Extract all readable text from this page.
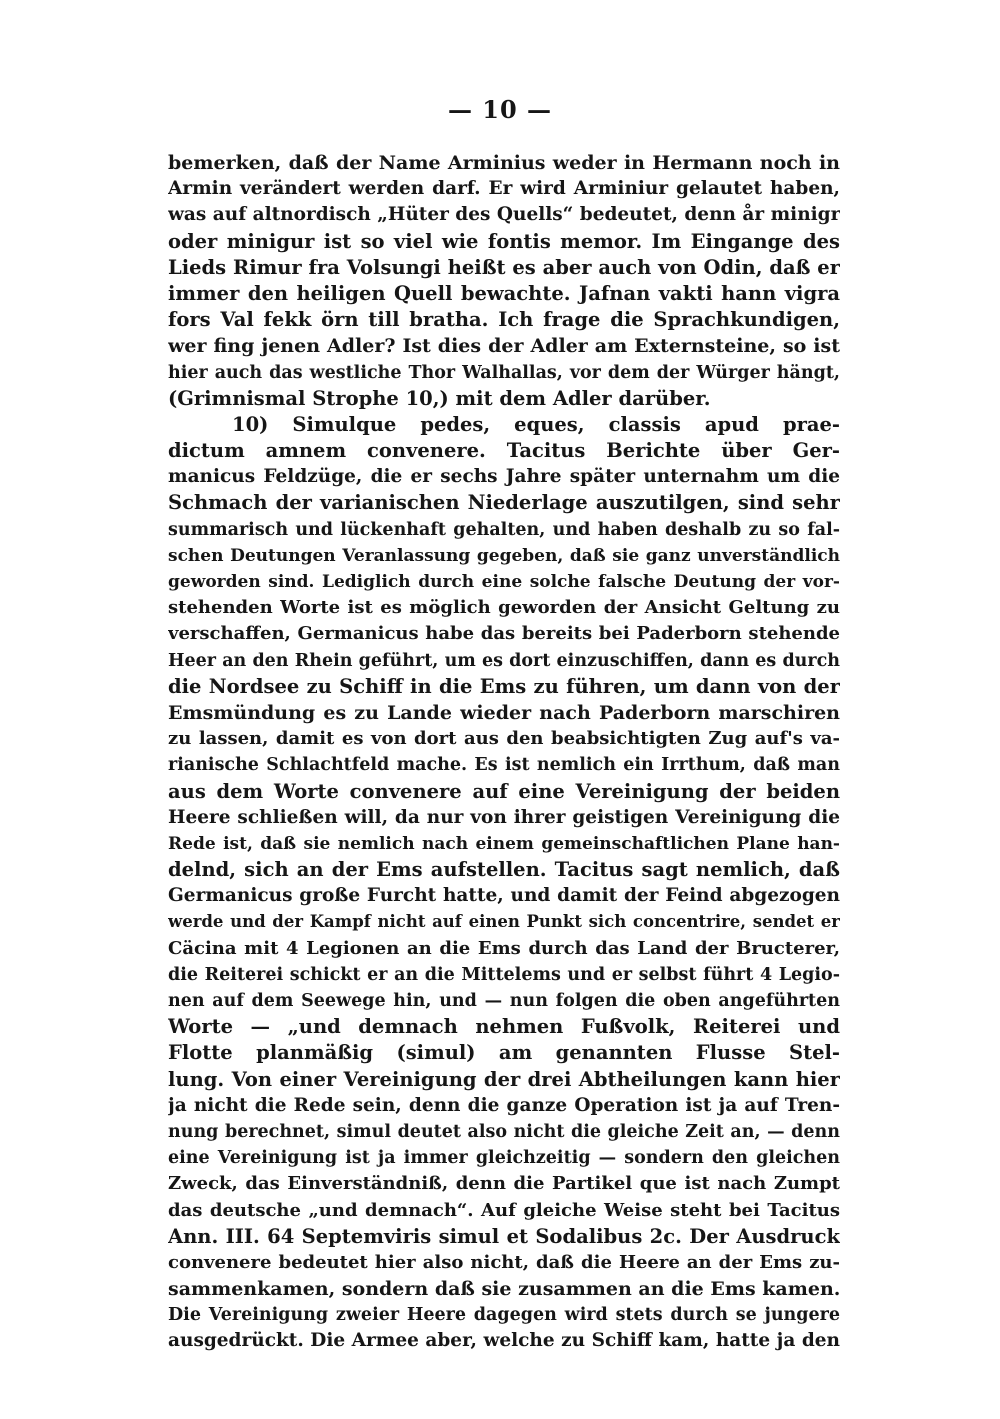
— 10 —
bemerken, daß der Name Arminius weder in Hermann noch in
Armin verändert werden darf. Er wird Arminiur gelautet haben,
was auf altnordisch „Hüter des Quells“ bedeutet, denn år minigr
oder minigur ist so viel wie fontis memor. Im Eingange des
Lieds Rimur fra Volsungi heißt es aber auch von Odin, daß er
immer den heiligen Quell bewachte. Jafnan vakti hann vigra
fors Val fekk örn till bratha. Ich frage die Sprachkundigen,
wer fing jenen Adler? Ist dies der Adler am Externsteine, so ist
hier auch das westliche Thor Walhallas, vor dem der Würger hängt,
(Grimnismal Strophe 10,) mit dem Adler darüber.
10) Simulque pedes, eques, classis apud prae-
dictum amnem convenere. Tacitus Berichte über Ger-
manicus Feldzüge, die er sechs Jahre später unternahm um die
Schmach der varianischen Niederlage auszutilgen, sind sehr
summarisch und lückenhaft gehalten, und haben deshalb zu so fal-
schen Deutungen Veranlassung gegeben, daß sie ganz unverständlich
geworden sind. Lediglich durch eine solche falsche Deutung der vor-
stehenden Worte ist es möglich geworden der Ansicht Geltung zu
verschaffen, Germanicus habe das bereits bei Paderborn stehende
Heer an den Rhein geführt, um es dort einzuschiffen, dann es durch
die Nordsee zu Schiff in die Ems zu führen, um dann von der
Emsmündung es zu Lande wieder nach Paderborn marschiren
zu lassen, damit es von dort aus den beabsichtigten Zug auf's va-
rianische Schlachtfeld mache. Es ist nemlich ein Irrthum, daß man
aus dem Worte convenere auf eine Vereinigung der beiden
Heere schließen will, da nur von ihrer geistigen Vereinigung die
Rede ist, daß sie nemlich nach einem gemeinschaftlichen Plane han-
delnd, sich an der Ems aufstellen. Tacitus sagt nemlich, daß
Germanicus große Furcht hatte, und damit der Feind abgezogen
werde und der Kampf nicht auf einen Punkt sich concentrire, sendet er
Cäcina mit 4 Legionen an die Ems durch das Land der Bructerer,
die Reiterei schickt er an die Mittelems und er selbst führt 4 Legio-
nen auf dem Seewege hin, und — nun folgen die oben angeführten
Worte — „und demnach nehmen Fußvolk, Reiterei und
Flotte planmäßig (simul) am genannten Flusse Stel-
lung. Von einer Vereinigung der drei Abtheilungen kann hier
ja nicht die Rede sein, denn die ganze Operation ist ja auf Tren-
nung berechnet, simul deutet also nicht die gleiche Zeit an, — denn
eine Vereinigung ist ja immer gleichzeitig — sondern den gleichen
Zweck, das Einverständniß, denn die Partikel que ist nach Zumpt
das deutsche „und demnach“. Auf gleiche Weise steht bei Tacitus
Ann. III. 64 Septemviris simul et Sodalibus 2c. Der Ausdruck
convenere bedeutet hier also nicht, daß die Heere an der Ems zu-
sammenkamen, sondern daß sie zusammen an die Ems kamen.
Die Vereinigung zweier Heere dagegen wird stets durch se jungere
ausgedrückt. Die Armee aber, welche zu Schiff kam, hatte ja den
